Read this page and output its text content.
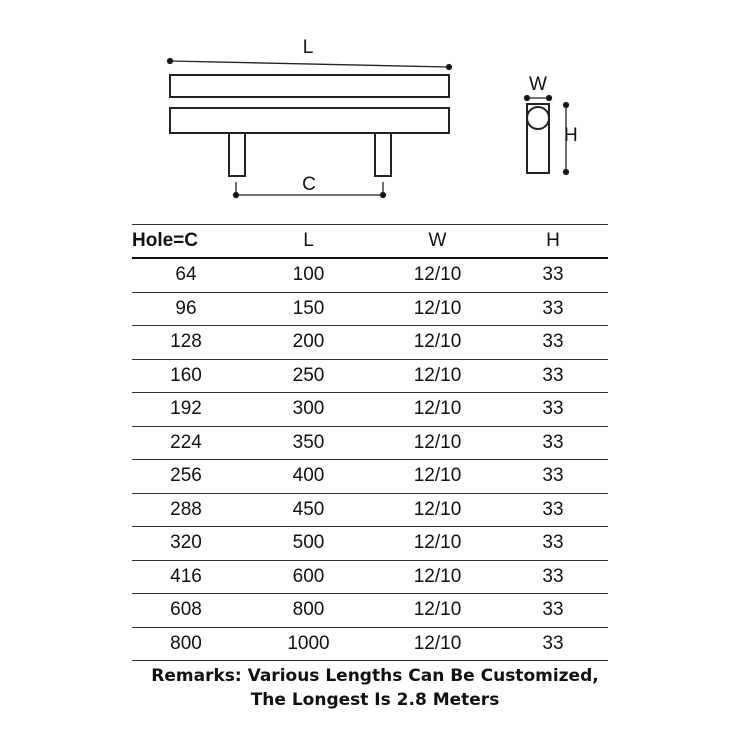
L
C
W
H
Hole=C	L	W	H
64	100	12/10	33
96	150	12/10	33
128	200	12/10	33
160	250	12/10	33
192	300	12/10	33
224	350	12/10	33
256	400	12/10	33
288	450	12/10	33
320	500	12/10	33
416	600	12/10	33
608	800	12/10	33
800	1000	12/10	33
Remarks: Various Lengths Can Be Customized,
The Longest Is 2.8 Meters
